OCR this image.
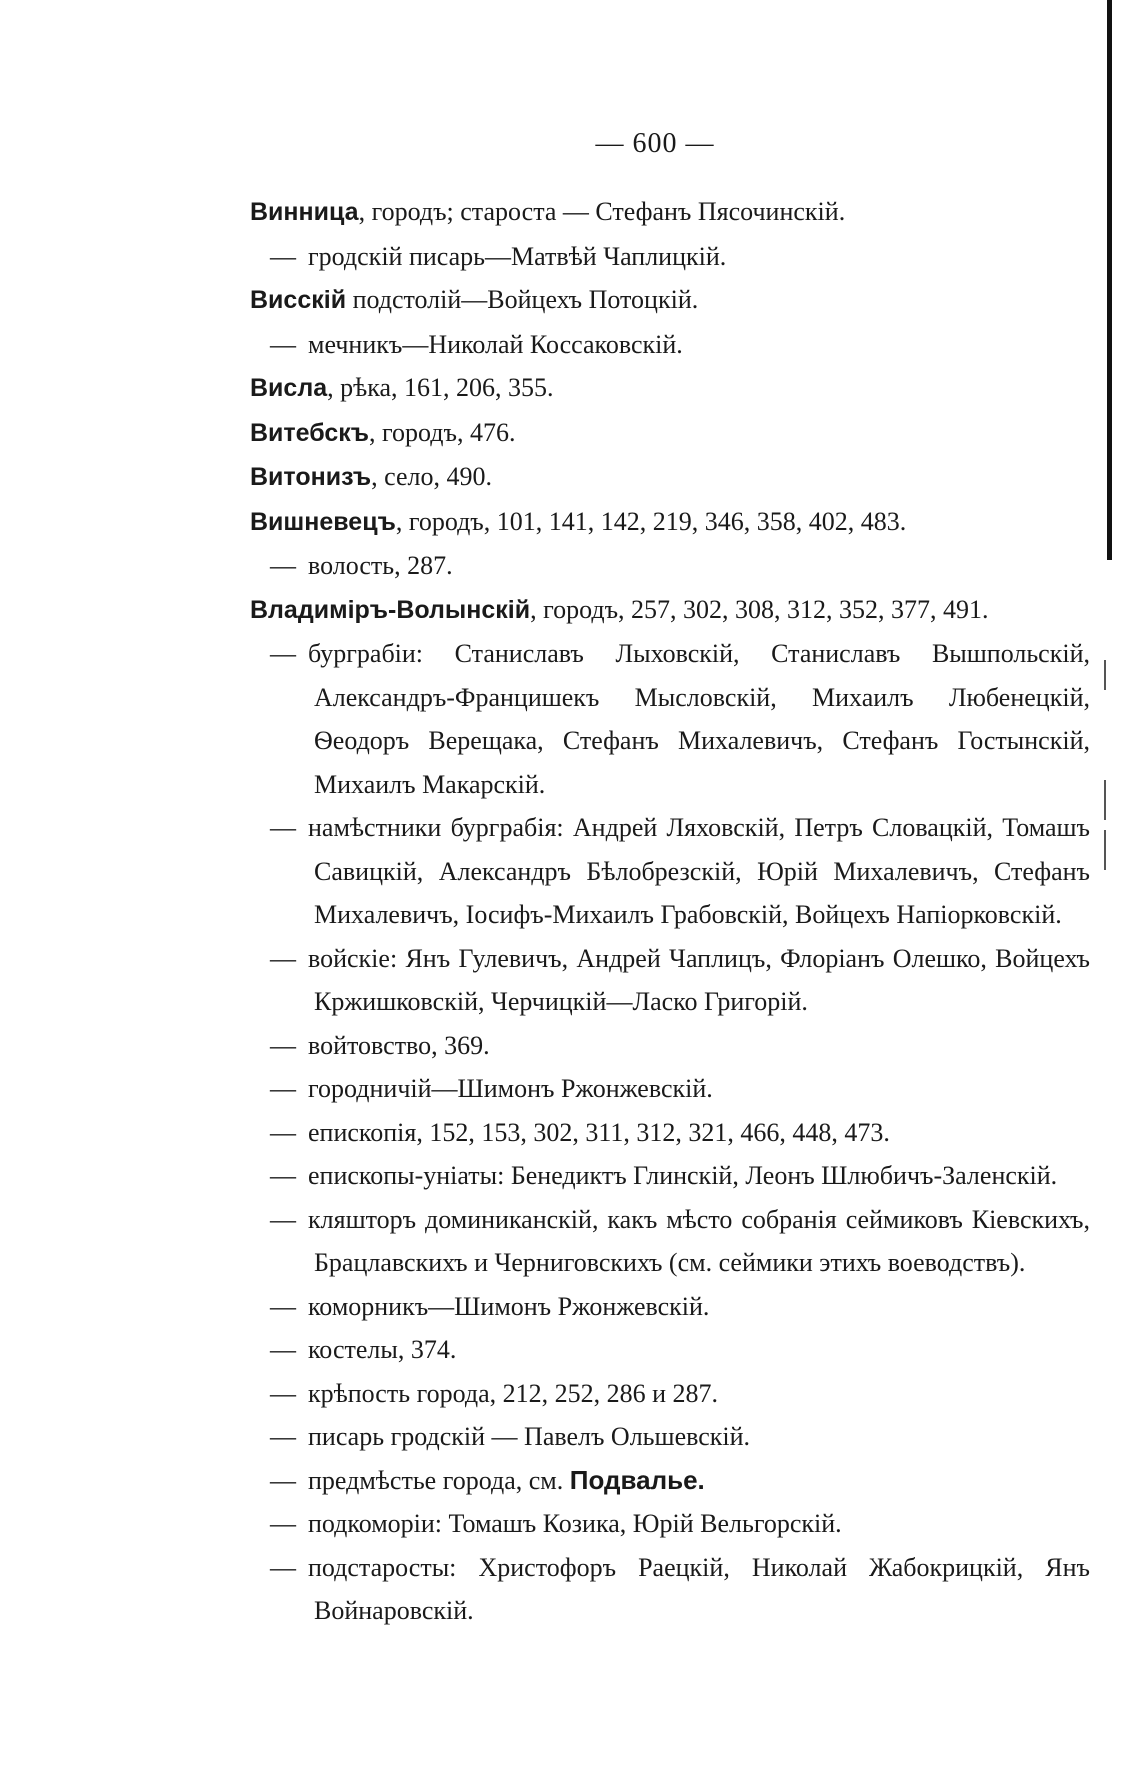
— 600 —
Винница, городъ; староста — Стефанъ Пясочинскій.
— гродскій писарь—Матвѣй Чаплицкій.
Висскій подстолій—Войцехъ Потоцкій.
— мечникъ—Николай Коссаковскій.
Висла, рѣка, 161, 206, 355.
Витебскъ, городъ, 476.
Витонизъ, село, 490.
Вишневецъ, городъ, 101, 141, 142, 219, 346, 358, 402, 483.
— волость, 287.
Владиміръ-Волынскій, городъ, 257, 302, 308, 312, 352, 377, 491.
— бурграбіи: Станиславъ Лыховскій, Станиславъ Вышпольскій, Александръ-Францишекъ Мысловскій, Михаилъ Любенецкій, Ѳеодоръ Верещака, Стефанъ Михалевичъ, Стефанъ Гостынскій, Михаилъ Макарскій.
— намѣстники бурграбія: Андрей Ляховскій, Петръ Словацкій, Томашъ Савицкій, Александръ Бѣлобрезскій, Юрій Михалевичъ, Стефанъ Михалевичъ, Іосифъ-Михаилъ Грабовскій, Войцехъ Напіорковскій.
— войскіе: Янъ Гулевичъ, Андрей Чаплицъ, Флоріанъ Олешко, Войцехъ Кржишковскій, Черчицкій—Ласко Григорій.
— войтовство, 369.
— городничій—Шимонъ Ржонжевскій.
— епископія, 152, 153, 302, 311, 312, 321, 466, 448, 473.
— епископы-уніаты: Бенедиктъ Глинскій, Леонъ Шлюбичъ-Заленскій.
— кляшторъ доминиканскій, какъ мѣсто собранія сеймиковъ Кіевскихъ, Брацлавскихъ и Черниговскихъ (см. сеймики этихъ воеводствъ).
— коморникъ—Шимонъ Ржонжевскій.
— костелы, 374.
— крѣпость города, 212, 252, 286 и 287.
— писарь гродскій — Павелъ Ольшевскій.
— предмѣстье города, см. Подвалье.
— подкоморіи: Томашъ Козика, Юрій Вельгорскій.
— подстаросты: Христофоръ Раецкій, Николай Жабокрицкій, Янъ Войнаровскій.
